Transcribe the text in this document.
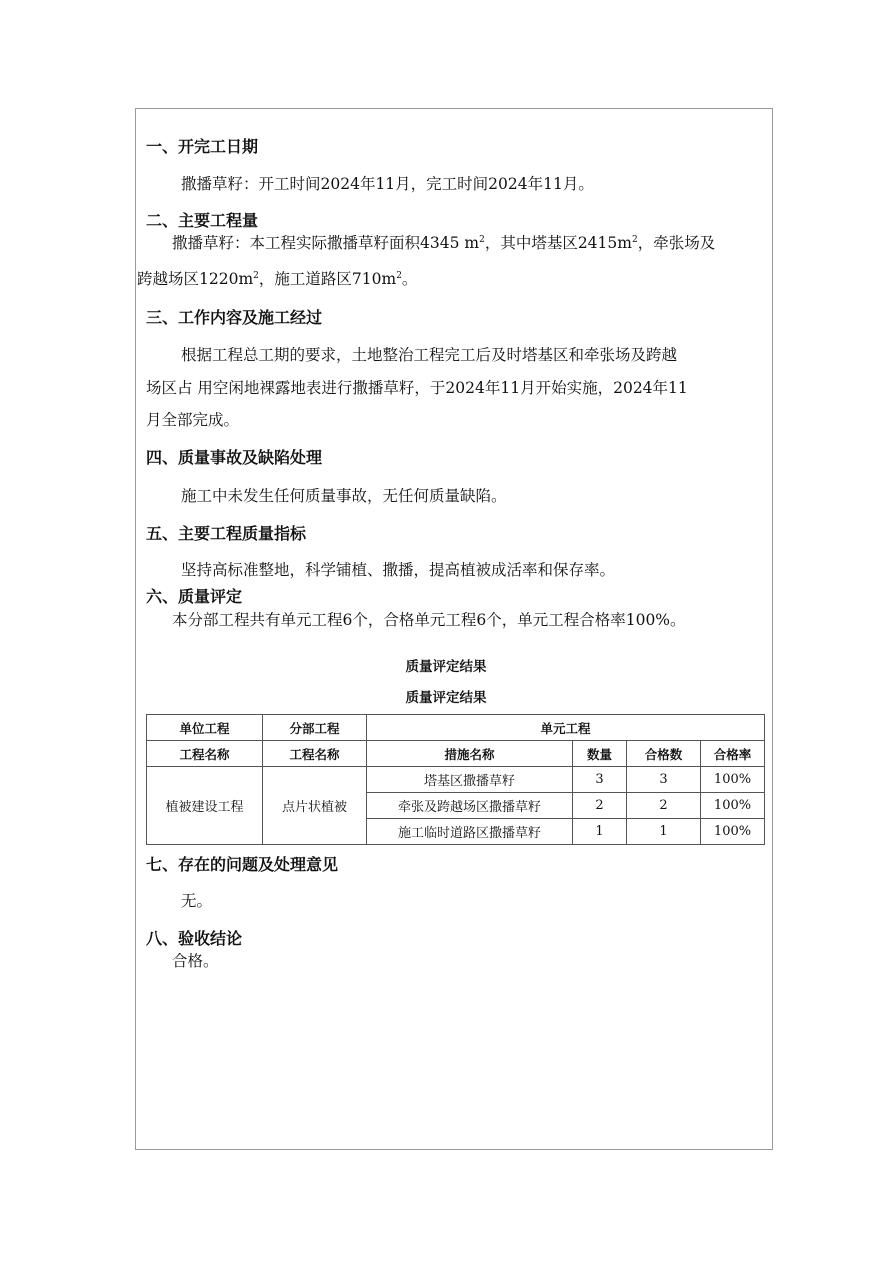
一、开完工日期
撒播草籽：开工时间2024年11月，完工时间2024年11月。
二、主要工程量
撒播草籽：本工程实际撒播草籽面积4345 $m^2$，其中塔基区$2415m^2$，牵张场及
跨越场区$1220m^2$，施工道路区$710m^2$。
三、工作内容及施工经过
根据工程总工期的要求，土地整治工程完工后及时塔基区和牵张场及跨越
场区占 用空闲地裸露地表进行撒播草籽，于2024年11月开始实施，2024年11
月全部完成。
四、质量事故及缺陷处理
施工中未发生任何质量事故，无任何质量缺陷。
五、主要工程质量指标
坚持高标准整地，科学铺植、撒播，提高植被成活率和保存率。
六、质量评定
本分部工程共有单元工程6个，合格单元工程6个，单元工程合格率100%。
质量评定结果
质量评定结果
单位工程	分部工程	单元工程			
工程名称	工程名称	措施名称	数量	合格数	合格率
植被建设工程	点片状植被	塔基区撒播草籽	3	3	100%
		牵张及跨越场区撒播草籽	2	2	100%
		施工临时道路区撒播草籽	1	1	100%
七、存在的问题及处理意见
无。
八、验收结论
合格。
